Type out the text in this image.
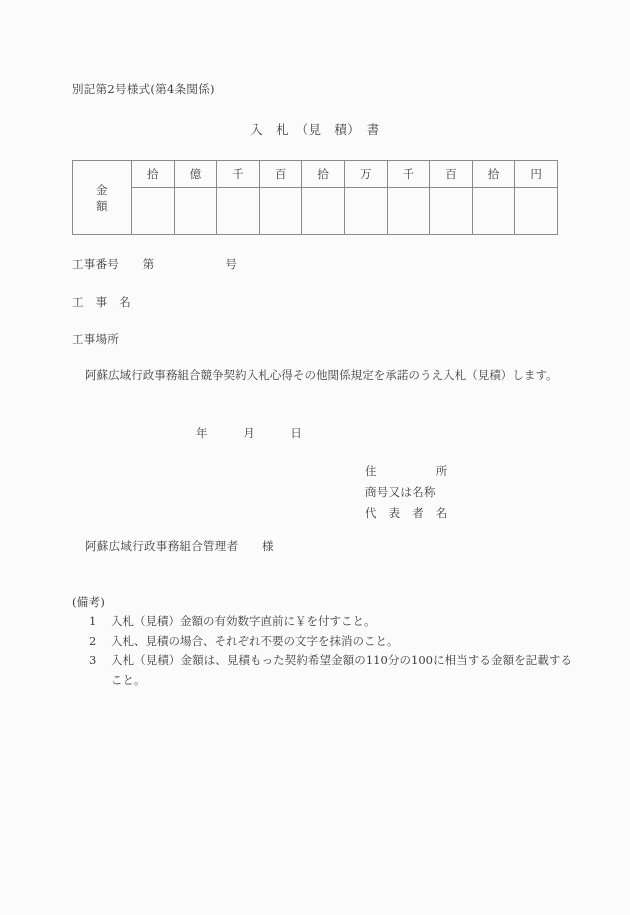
別記第2号様式(第4条関係)
入　札　（見　積）　書
金　　　額	拾	億	千	百	拾	万	千	百	拾	円

工事番号　　第　　　　　　号
工　事　名
工事場所
阿蘇広域行政事務組合競争契約入札心得その他関係規定を承諾のうえ入札（見積）します。
年　　　月　　　日
住　　　　　所
商号又は名称
代　表　者　名
阿蘇広域行政事務組合管理者　　様
(備考)
1	入札（見積）金額の有効数字直前に￥を付すこと。
2	入札、見積の場合、それぞれ不要の文字を抹消のこと。
3	入札（見積）金額は、見積もった契約希望金額の110分の100に相当する金額を記載すること。
